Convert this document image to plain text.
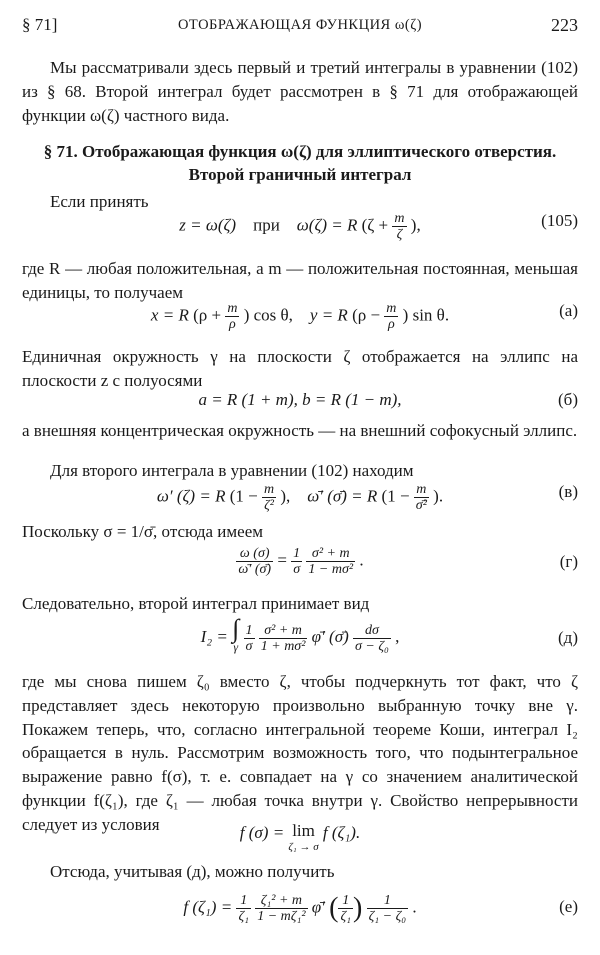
§ 71]	ОТОБРАЖАЮЩАЯ ФУНКЦИЯ ω(ζ)	223

Мы рассматривали здесь первый и третий интегралы в уравнении (102) из § 68. Второй интеграл будет рассмотрен в § 71 для отображающей функции ω(ζ) частного вида.

§ 71. Отображающая функция ω(ζ) для эллиптического отверстия. Второй граничный интеграл

Если принять

z = ω(ζ) при ω(ζ) = R ($\zeta + \frac{m}{\zeta}$ ),	(105)

где R — любая положительная, а m — положительная постоянная, меньшая единицы, то получаем

x = R ($\rho + \frac{m}{\rho}$ ) cos θ, y = R ($\rho - \frac{m}{\rho}$ ) sin θ.	(а)

Единичная окружность γ на плоскости ζ отображается на эллипс на плоскости z с полуосями

a = R (1 + m), b = R (1 − m),	(б)

а внешняя концентрическая окружность — на внешний софокусный эллипс.

Для второго интеграла в уравнении (102) находим

ω′ (ζ) = R ($1 - \frac{m}{\text{ζ²}}$ ), ω̄′ (σ̄) = R ($1 - \frac{m}{\text{σ̄²}}$ ).	(в)

Поскольку σ = 1/σ̄, отсюда имеем

$\frac{\omega (\sigma)}{\omegā' (\sigmā)} = \frac{1}{\sigma}$
$\frac{\text{σ² + m}}{\text{1 − mσ²}}$ .	(г)

Следовательно, второй интеграл принимает вид

I₂ = ∫
γ
$\frac{1}{\sigma}$
$\frac{\text{σ² + m}}{\text{1 + mσ²}}$ φ̄′ (σ̄) $\frac{d\sigma}{\text{σ − ζ₀}}$ ,	(д)

где мы снова пишем ζ₀ вместо ζ, чтобы подчеркнуть тот факт, что ζ представляет здесь некоторую произвольно выбранную точку вне γ. Покажем теперь, что, согласно интегральной теореме Коши, интеграл I₂ обращается в нуль. Рассмотрим возможность того, что подынтегральное выражение равно f(σ), т. е. совпадает на γ со значением аналитической функции f(ζ₁), где ζ₁ — любая точка внутри γ. Свойство непрерывности следует из условия	f (σ) = lim
ζ₁ → σ
f (ζ₁).

Отсюда, учитывая (д), можно получить

f $(\zeta_1) = \frac{1}{\text{ζ₁}}$
$\frac{\text{ζ₁² + m}}{\text{1 − mζ₁²}}$ φ̄′ ( $\frac{1}{\text{ζ₁}}$ ) $\frac{1}{\text{ζ₁ − ζ₀}}$ .	(е)
